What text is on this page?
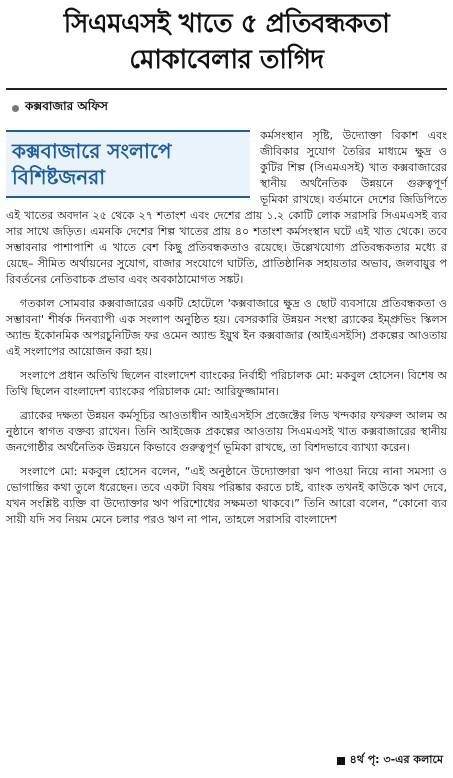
সিএমএসই খাতে ৫ প্রতিবন্ধকতা
মোকাবেলার তাগিদ
কক্সবাজার অফিস

কক্সবাজারে সংলাপে
বিশিষ্টজনরা
কর্মসংস্থান সৃষ্টি, উদ্যোক্তা বিকাশ এবং জীবিকার সুযোগ তৈরির মাধ্যমে ক্ষুদ্র ও কুটির শিল্প (সিএমএসই) খাত কক্সবাজারের স্থানীয় অর্থনৈতিক উন্নয়নে গুরুত্বপূর্ণ ভূমিকা রাখছে। বর্তমানে দেশের জিডিপিতে এই খাতের অবদান ২৫ থেকে ২৭ শতাংশ এবং দেশের প্রায় ১.২ কোটি লোক সরাসরি সিএমএসই ব্যবসার সাথে জড়িত। এমনকি দেশের শিল্প খাতের প্রায় ৪০ শতাংশ কর্মসংস্থান ঘটে এই খাত থেকে। তবে সম্ভাবনার পাশাপাশি এ খাতে বেশ কিছু প্রতিবন্ধকতাও রয়েছে। উল্লেখযোগ্য প্রতিবন্ধকতার মধ্যে রয়েছে– সীমিত অর্থায়নের সুযোগ, বাজার সংযোগে ঘাটতি, প্রাতিষ্ঠানিক সহায়তার অভাব, জলবায়ুর পরিবর্তনের নেতিবাচক প্রভাব এবং অবকাঠামোগত সঙ্কট।

গতকাল সোমবার কক্সবাজারের একটি হোটেলে 'কক্সবাজারে ক্ষুদ্র ও ছোট ব্যবসায়ে প্রতিবন্ধকতা ও সম্ভাবনা' শীর্ষক দিনব্যাপী এক সংলাপ অনুষ্ঠিত হয়। বেসরকারি উন্নয়ন সংস্থা ব্র্যাকের ইম্প্রুভিং স্কিলস অ্যান্ড ইকোনমিক অপরচুনিটিজ ফর ওমেন অ্যান্ড ইয়ুথ ইন কক্সবাজার (আইএসইসি) প্রকল্পের আওতায় এই সংলাপের আয়োজন করা হয়।

সংলাপে প্রধান অতিথি ছিলেন বাংলাদেশ ব্যাংকের নির্বাহী পরিচালক মো: মকবুল হোসেন। বিশেষ অতিথি ছিলেন বাংলাদেশ ব্যাংকের পরিচালক মো: আরিফুজ্জামান।

ব্র্যাকের দক্ষতা উন্নয়ন কর্মসূচির আওতাধীন আইএসইসি প্রজেক্টের লিড খন্দকার ফখরুল আলম অনুষ্ঠানে স্বাগত বক্তব্য রাখেন। তিনি আইজেক প্রকল্পের আওতায় সিএমএসই খাত কক্সবাজারের স্থানীয় জনগোষ্ঠীর অর্থনৈতিক উন্নয়নে কিভাবে গুরুত্বপূর্ণ ভূমিকা রাখছে, তা বিশদভাবে ব্যাখ্যা করেন।

সংলাপে মো: মকবুল হোসেন বলেন, “এই অনুষ্ঠানে উদ্যোক্তারা ঋণ পাওয়া নিয়ে নানা সমস্যা ও ভোগান্তির কথা তুলে ধরেছেন। তবে একটা বিষয় পরিষ্কার করতে চাই, ব্যাংক তখনই কাউকে ঋণ দেবে, যখন সংশ্লিষ্ট ব্যক্তি বা উদ্যোক্তার ঋণ পরিশোধের সক্ষমতা থাকবে।” তিনি আরো বলেন, “কোনো ব্যবসায়ী যদি সব নিয়ম মেনে চলার পরও ঋণ না পান, তাহলে সরাসরি বাংলাদেশ

৪র্থ পৃ: ৩-এর কলামে
